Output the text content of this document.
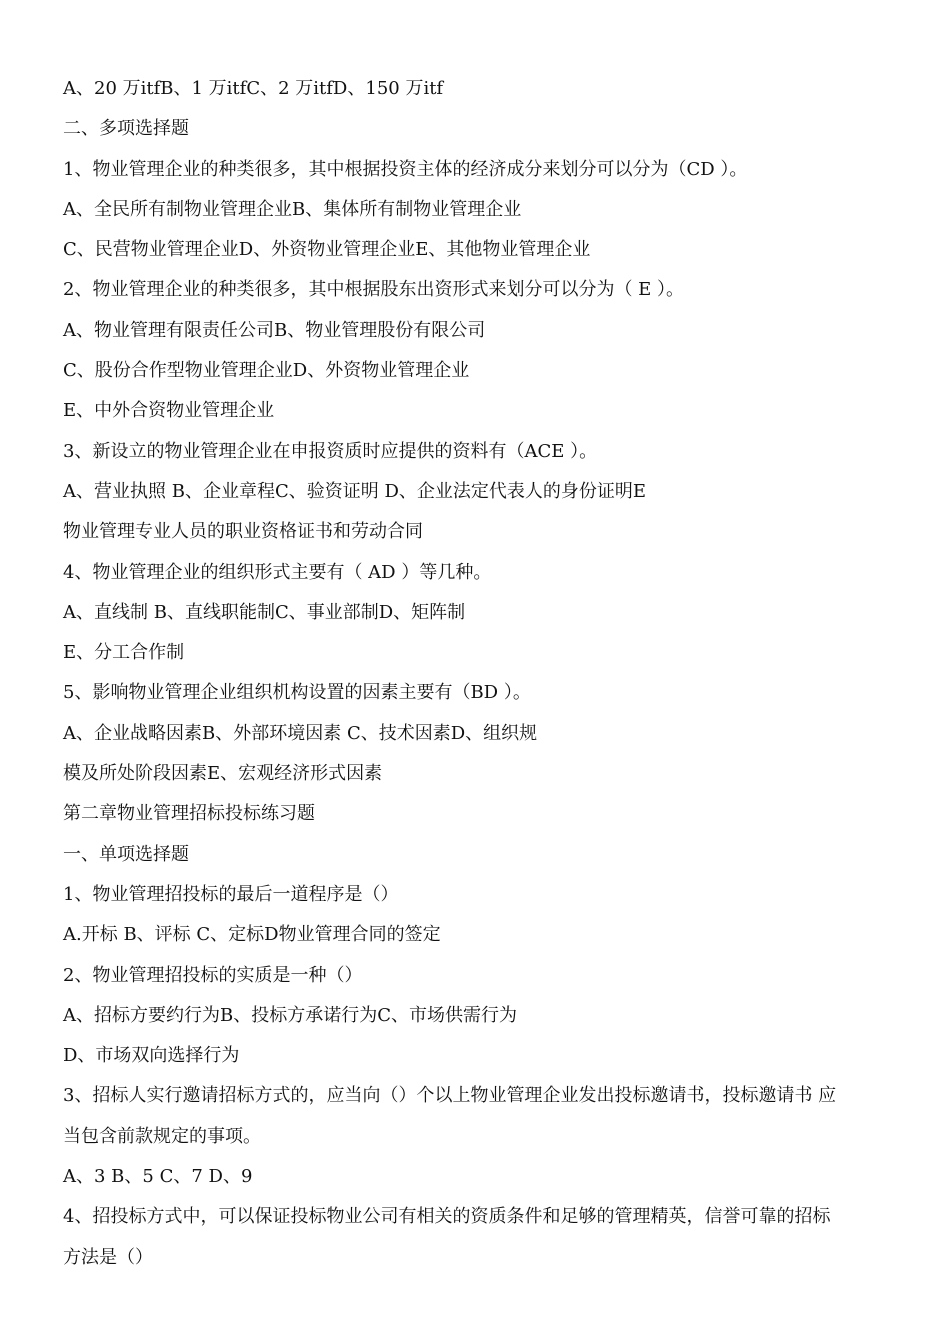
A、20 万itfB、1 万itfC、2 万itfD、150 万itf
二、多项选择题
1、物业管理企业的种类很多，其中根据投资主体的经济成分来划分可以分为（CD ）。
A、全民所有制物业管理企业B、集体所有制物业管理企业
C、民营物业管理企业D、外资物业管理企业E、其他物业管理企业
2、物业管理企业的种类很多，其中根据股东出资形式来划分可以分为（ E ）。
A、物业管理有限责任公司B、物业管理股份有限公司
C、股份合作型物业管理企业D、外资物业管理企业
E、中外合资物业管理企业
3、新设立的物业管理企业在申报资质时应提供的资料有（ACE ）。
A、营业执照 B、企业章程C、验资证明 D、企业法定代表人的身份证明E
物业管理专业人员的职业资格证书和劳动合同
4、物业管理企业的组织形式主要有（ AD ）等几种。
A、直线制 B、直线职能制C、事业部制D、矩阵制
E、分工合作制
5、影响物业管理企业组织机构设置的因素主要有（BD ）。
A、企业战略因素B、外部环境因素 C、技术因素D、组织规
模及所处阶段因素E、宏观经济形式因素
第二章物业管理招标投标练习题
一、单项选择题
1、物业管理招投标的最后一道程序是（）
A.开标 B、评标 C、定标D物业管理合同的签定
2、物业管理招投标的实质是一种（）
A、招标方要约行为B、投标方承诺行为C、市场供需行为
D、市场双向选择行为
3、招标人实行邀请招标方式的，应当向（）个以上物业管理企业发出投标邀请书，投标邀请书 应
当包含前款规定的事项。
A、3 B、5 C、7 D、9
4、招投标方式中，可以保证投标物业公司有相关的资质条件和足够的管理精英，信誉可靠的招标
方法是（）
